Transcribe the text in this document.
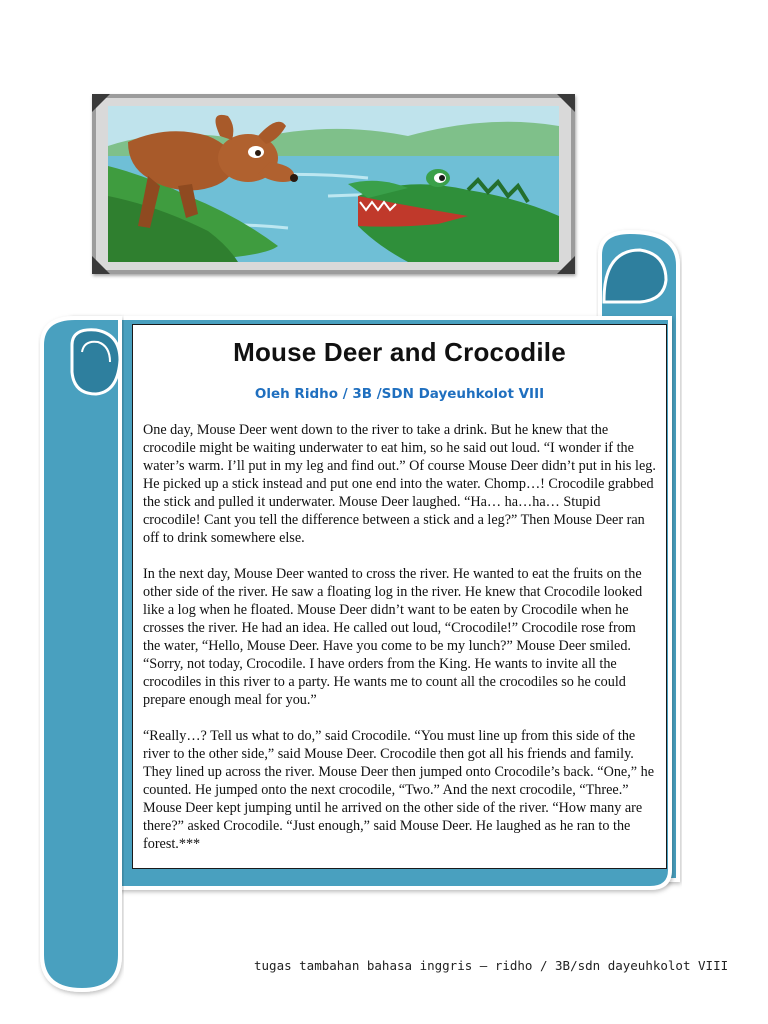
Mouse Deer and Crocodile

Oleh Ridho / 3B /SDN Dayeuhkolot VIII

One day, Mouse Deer went down to the river to take a drink. But he knew that the crocodile might be waiting underwater to eat him, so he said out loud. “I wonder if the water’s warm. I’ll put in my leg and find out.” Of course Mouse Deer didn’t put in his leg. He picked up a stick instead and put one end into the water. Chomp…! Crocodile grabbed the stick and pulled it underwater. Mouse Deer laughed. “Ha… ha…ha… Stupid crocodile! Cant you tell the difference between a stick and a leg?” Then Mouse Deer ran off to drink somewhere else.

In the next day, Mouse Deer wanted to cross the river. He wanted to eat the fruits on the other side of the river. He saw a floating log in the river. He knew that Crocodile looked like a log when he floated. Mouse Deer didn’t want to be eaten by Crocodile when he crosses the river. He had an idea. He called out loud, “Crocodile!” Crocodile rose from the water, “Hello, Mouse Deer. Have you come to be my lunch?” Mouse Deer smiled. “Sorry, not today, Crocodile. I have orders from the King. He wants to invite all the crocodiles in this river to a party. He wants me to count all the crocodiles so he could prepare enough meal for you.”

“Really…? Tell us what to do,” said Crocodile. “You must line up from this side of the river to the other side,” said Mouse Deer. Crocodile then got all his friends and family. They lined up across the river. Mouse Deer then jumped onto Crocodile’s back. “One,” he counted. He jumped onto the next crocodile, “Two.” And the next crocodile, “Three.” Mouse Deer kept jumping until he arrived on the other side of the river. “How many are there?” asked Crocodile. “Just enough,” said Mouse Deer. He laughed as he ran to the forest.***

tugas tambahan bahasa inggris – ridho / 3B/sdn dayeuhkolot VIII
